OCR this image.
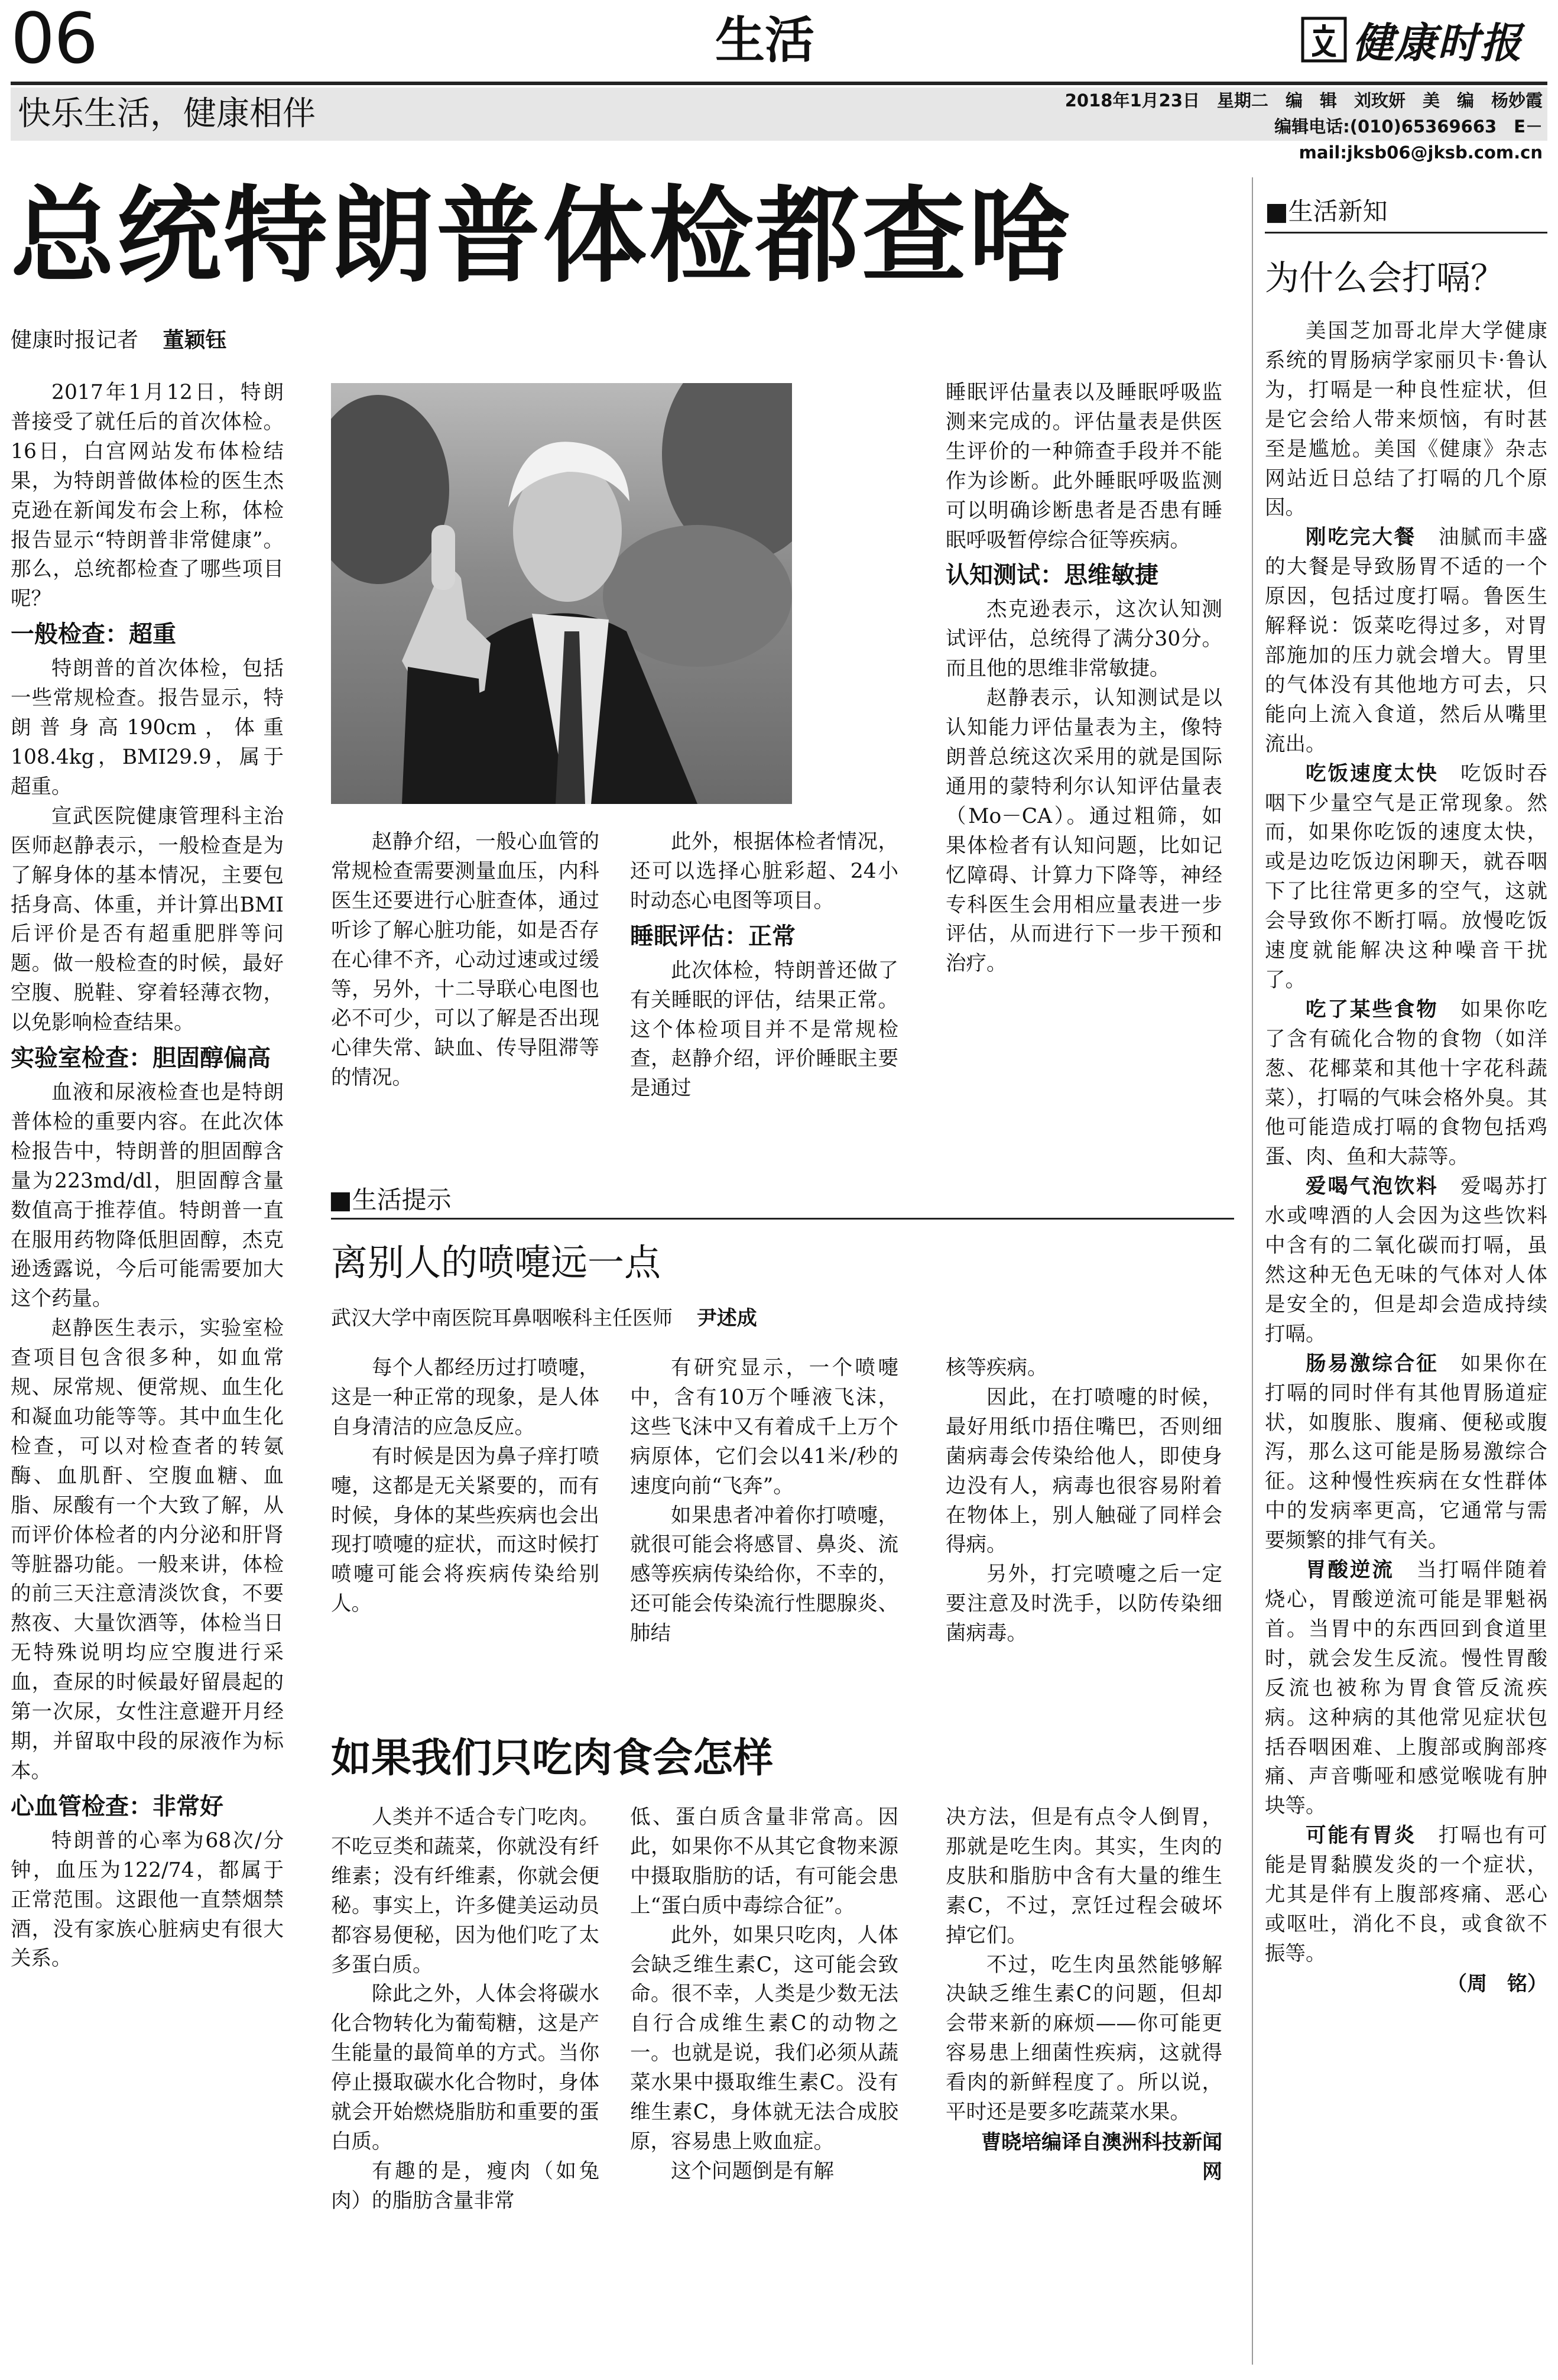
06	生活	健康时报
快乐生活，健康相伴	2018年1月23日　星期二　编　辑　刘玫妍　美　编　杨妙霞
编辑电话:(010)65369663　E－mail:jksb06@jksb.com.cn
总统特朗普体检都查啥
健康时报记者 董颖钰
2017年1月12日，特朗普接受了就任后的首次体检。16日，白宫网站发布体检结果，为特朗普做体检的医生杰克逊在新闻发布会上称，体检报告显示“特朗普非常健康”。那么，总统都检查了哪些项目呢？
一般检查：超重
特朗普的首次体检，包括一些常规检查。报告显示，特朗普身高190cm，体重108.4kg，BMI29.9，属于超重。
宣武医院健康管理科主治医师赵静表示，一般检查是为了解身体的基本情况，主要包括身高、体重，并计算出BMI后评价是否有超重肥胖等问题。做一般检查的时候，最好空腹、脱鞋、穿着轻薄衣物，以免影响检查结果。
实验室检查：胆固醇偏高
血液和尿液检查也是特朗普体检的重要内容。在此次体检报告中，特朗普的胆固醇含量为223md/dl，胆固醇含量数值高于推荐值。特朗普一直在服用药物降低胆固醇，杰克逊透露说，今后可能需要加大这个药量。
赵静医生表示，实验室检查项目包含很多种，如血常规、尿常规、便常规、血生化和凝血功能等等。其中血生化检查，可以对检查者的转氨酶、血肌酐、空腹血糖、血脂、尿酸有一个大致了解，从而评价体检者的内分泌和肝肾等脏器功能。一般来讲，体检的前三天注意清淡饮食，不要熬夜、大量饮酒等，体检当日无特殊说明均应空腹进行采血，查尿的时候最好留晨起的第一次尿，女性注意避开月经期，并留取中段的尿液作为标本。
心血管检查：非常好
特朗普的心率为68次/分钟，血压为122/74，都属于正常范围。这跟他一直禁烟禁酒，没有家族心脏病史有很大关系。
赵静介绍，一般心血管的常规检查需要测量血压，内科医生还要进行心脏查体，通过听诊了解心脏功能，如是否存在心律不齐，心动过速或过缓等，另外，十二导联心电图也必不可少，可以了解是否出现心律失常、缺血、传导阻滞等的情况。
此外，根据体检者情况，还可以选择心脏彩超、24小时动态心电图等项目。
睡眠评估：正常
此次体检，特朗普还做了有关睡眠的评估，结果正常。这个体检项目并不是常规检查，赵静介绍，评价睡眠主要是通过
睡眠评估量表以及睡眠呼吸监测来完成的。评估量表是供医生评价的一种筛查手段并不能作为诊断。此外睡眠呼吸监测可以明确诊断患者是否患有睡眠呼吸暂停综合征等疾病。
认知测试：思维敏捷
杰克逊表示，这次认知测试评估，总统得了满分30分。而且他的思维非常敏捷。
赵静表示，认知测试是以认知能力评估量表为主，像特朗普总统这次采用的就是国际通用的蒙特利尔认知评估量表（Mo－CA）。通过粗筛，如果体检者有认知问题，比如记忆障碍、计算力下降等，神经专科医生会用相应量表进一步评估，从而进行下一步干预和治疗。
■生活提示
离别人的喷嚏远一点
武汉大学中南医院耳鼻咽喉科主任医师 尹述成
每个人都经历过打喷嚏，这是一种正常的现象，是人体自身清洁的应急反应。
有时候是因为鼻子痒打喷嚏，这都是无关紧要的，而有时候，身体的某些疾病也会出现打喷嚏的症状，而这时候打喷嚏可能会将疾病传染给别人。
有研究显示，一个喷嚏中，含有10万个唾液飞沫，这些飞沫中又有着成千上万个病原体，它们会以41米/秒的速度向前“飞奔”。
如果患者冲着你打喷嚏，就很可能会将感冒、鼻炎、流感等疾病传染给你，不幸的，还可能会传染流行性腮腺炎、肺结
核等疾病。
因此，在打喷嚏的时候，最好用纸巾捂住嘴巴，否则细菌病毒会传染给他人，即使身边没有人，病毒也很容易附着在物体上，别人触碰了同样会得病。
另外，打完喷嚏之后一定要注意及时洗手，以防传染细菌病毒。
如果我们只吃肉食会怎样
人类并不适合专门吃肉。不吃豆类和蔬菜，你就没有纤维素；没有纤维素，你就会便秘。事实上，许多健美运动员都容易便秘，因为他们吃了太多蛋白质。
除此之外，人体会将碳水化合物转化为葡萄糖，这是产生能量的最简单的方式。当你停止摄取碳水化合物时，身体就会开始燃烧脂肪和重要的蛋白质。
有趣的是，瘦肉（如兔肉）的脂肪含量非常
低、蛋白质含量非常高。因此，如果你不从其它食物来源中摄取脂肪的话，有可能会患上“蛋白质中毒综合征”。
此外，如果只吃肉，人体会缺乏维生素C，这可能会致命。很不幸，人类是少数无法自行合成维生素C的动物之一。也就是说，我们必须从蔬菜水果中摄取维生素C。没有维生素C，身体就无法合成胶原，容易患上败血症。
这个问题倒是有解
决方法，但是有点令人倒胃，那就是吃生肉。其实，生肉的皮肤和脂肪中含有大量的维生素C，不过，烹饪过程会破坏掉它们。
不过，吃生肉虽然能够解决缺乏维生素C的问题，但却会带来新的麻烦——你可能更容易患上细菌性疾病，这就得看肉的新鲜程度了。所以说，平时还是要多吃蔬菜水果。
曹晓培编译自澳洲科技新闻网
■生活新知
为什么会打嗝？
美国芝加哥北岸大学健康系统的胃肠病学家丽贝卡·鲁认为，打嗝是一种良性症状，但是它会给人带来烦恼，有时甚至是尴尬。美国《健康》杂志网站近日总结了打嗝的几个原因。
刚吃完大餐　 油腻而丰盛的大餐是导致肠胃不适的一个原因，包括过度打嗝。鲁医生解释说：饭菜吃得过多，对胃部施加的压力就会增大。胃里的气体没有其他地方可去，只能向上流入食道，然后从嘴里流出。
吃饭速度太快　 吃饭时吞咽下少量空气是正常现象。然而，如果你吃饭的速度太快，或是边吃饭边闲聊天，就吞咽下了比往常更多的空气，这就会导致你不断打嗝。放慢吃饭速度就能解决这种噪音干扰了。
吃了某些食物　 如果你吃了含有硫化合物的食物（如洋葱、花椰菜和其他十字花科蔬菜），打嗝的气味会格外臭。其他可能造成打嗝的食物包括鸡蛋、肉、鱼和大蒜等。
爱喝气泡饮料　 爱喝苏打水或啤酒的人会因为这些饮料中含有的二氧化碳而打嗝，虽然这种无色无味的气体对人体是安全的，但是却会造成持续打嗝。
肠易激综合征　 如果你在打嗝的同时伴有其他胃肠道症状，如腹胀、腹痛、便秘或腹泻，那么这可能是肠易激综合征。这种慢性疾病在女性群体中的发病率更高，它通常与需要频繁的排气有关。
胃酸逆流　 当打嗝伴随着烧心，胃酸逆流可能是罪魁祸首。当胃中的东西回到食道里时，就会发生反流。慢性胃酸反流也被称为胃食管反流疾病。这种病的其他常见症状包括吞咽困难、上腹部或胸部疼痛、声音嘶哑和感觉喉咙有肿块等。
可能有胃炎　 打嗝也有可能是胃黏膜发炎的一个症状，尤其是伴有上腹部疼痛、恶心或呕吐，消化不良，或食欲不振等。
（周　铭）
